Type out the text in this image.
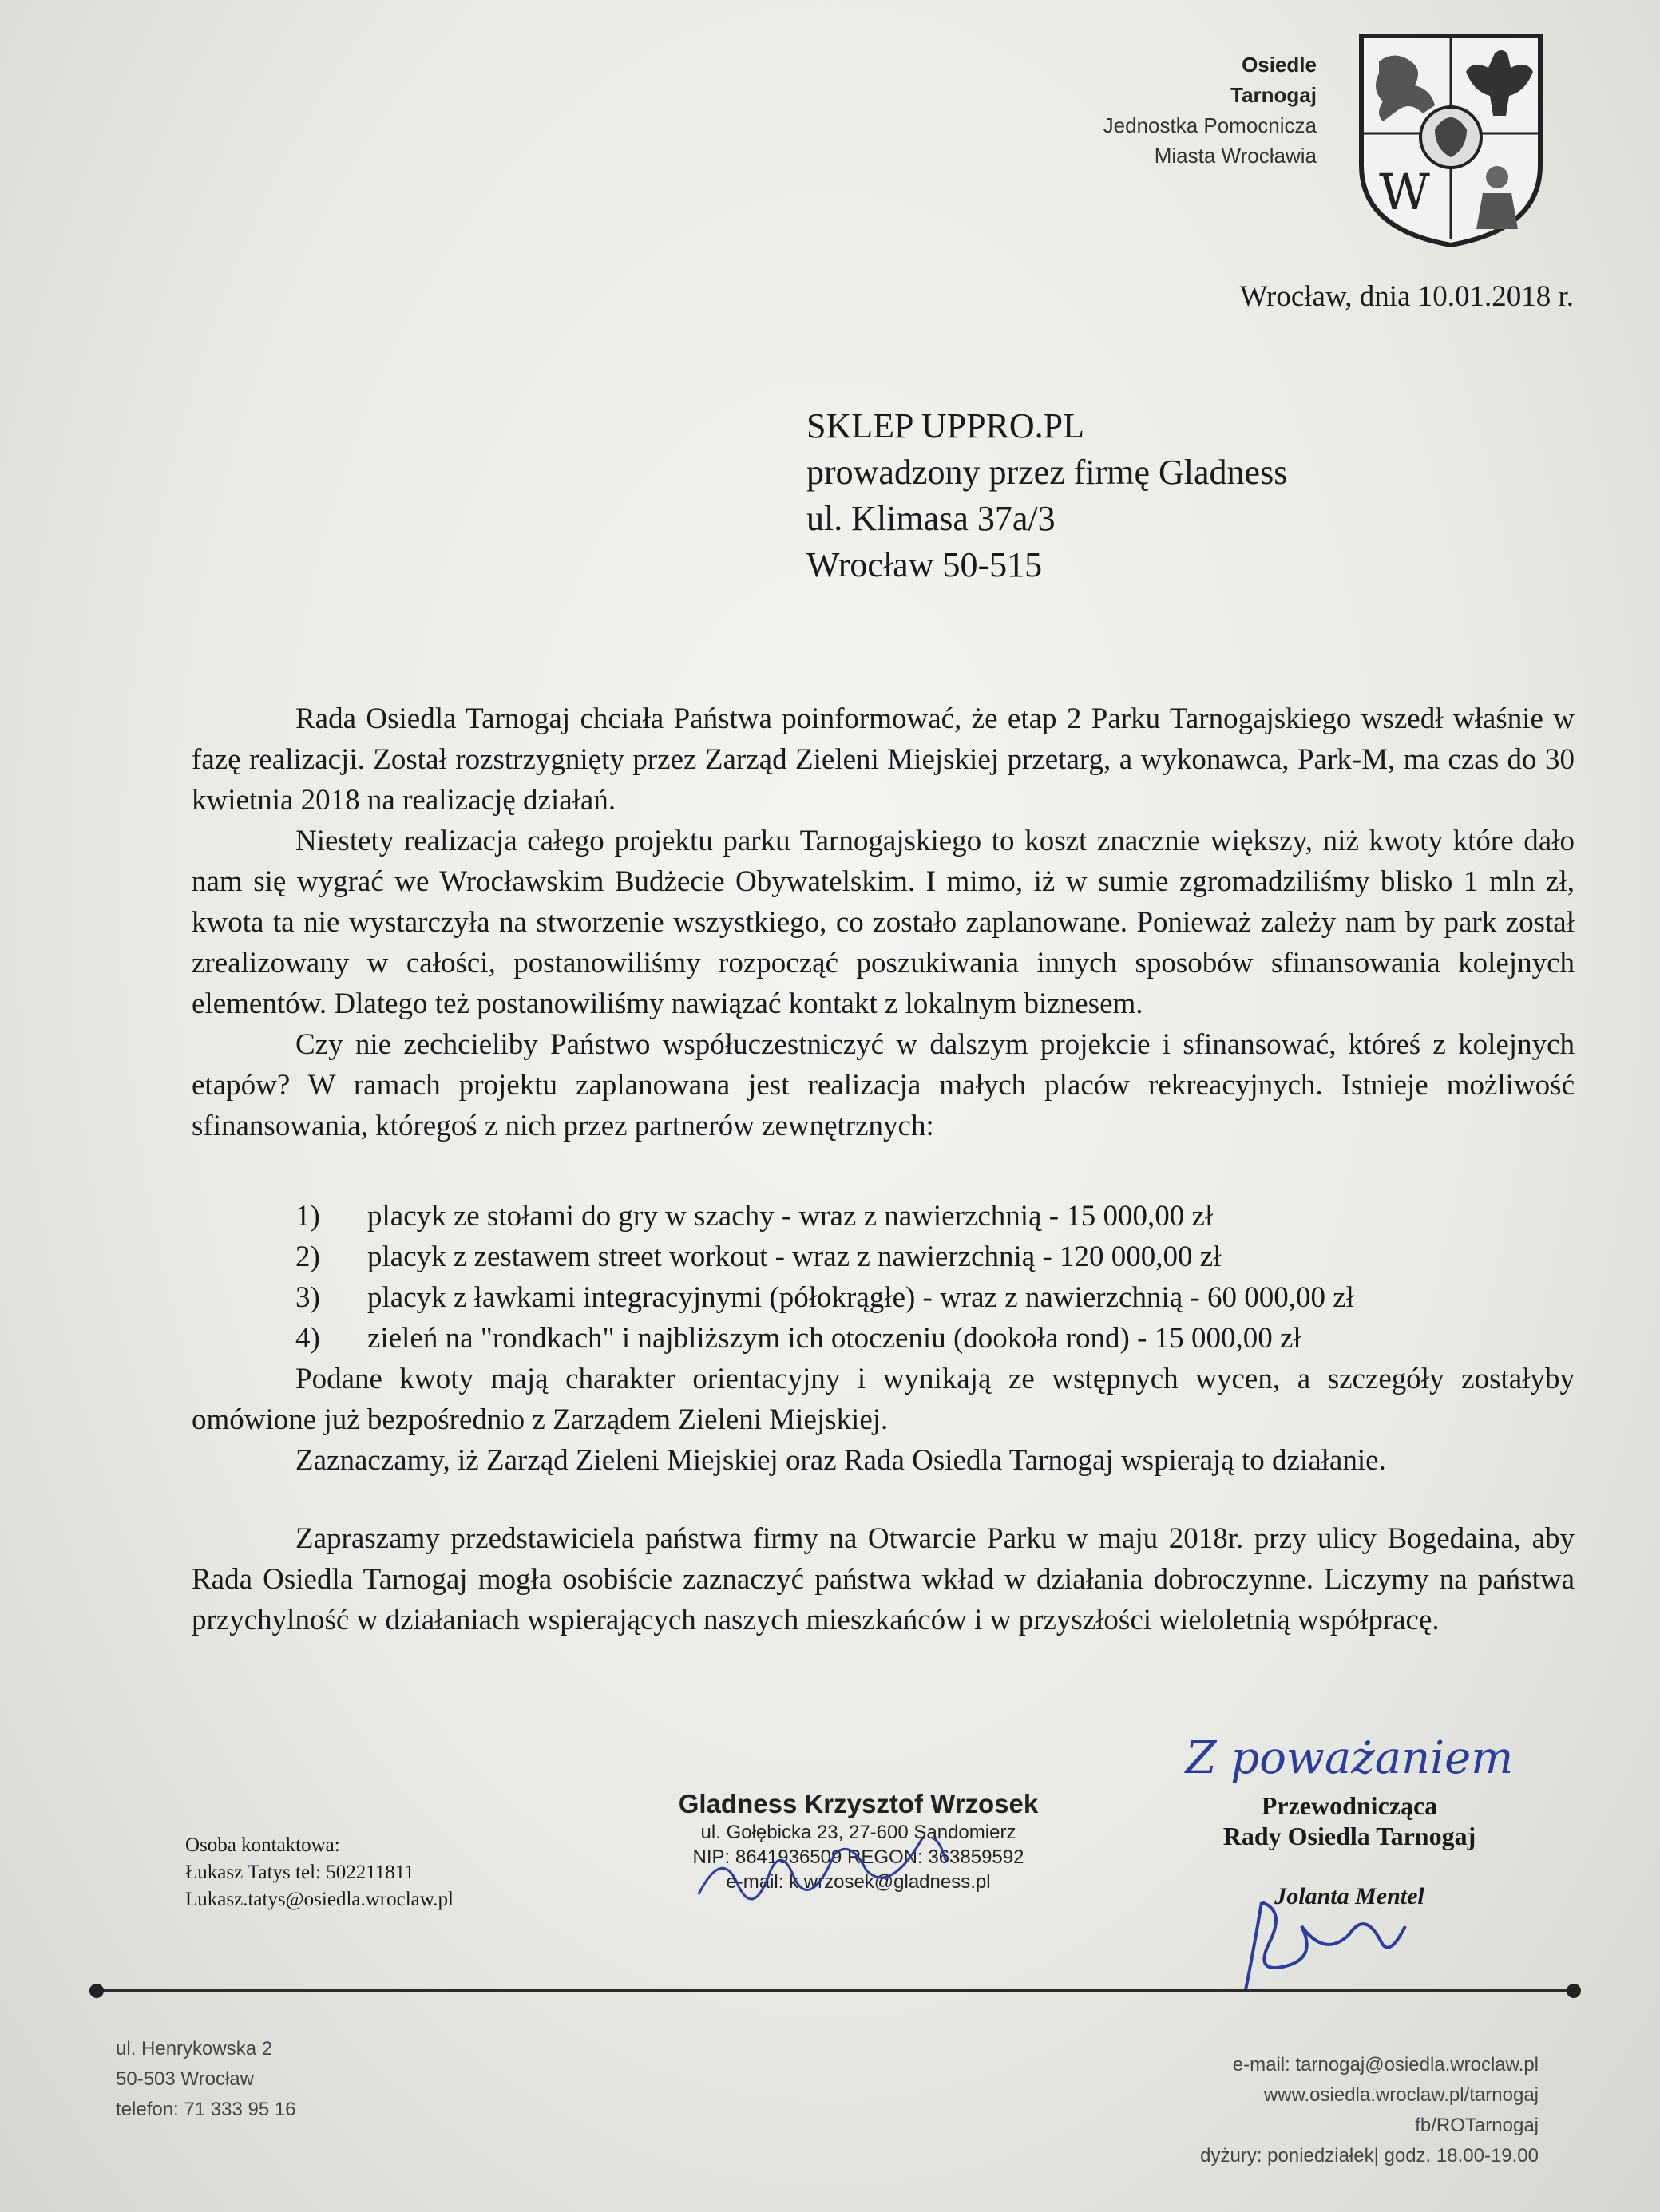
Osiedle
Tarnogaj
Jednostka Pomocnicza
Miasta Wrocławia
W
Wrocław, dnia 10.01.2018 r.
SKLEP UPPRO.PL
prowadzony przez firmę Gladness
ul. Klimasa 37a/3
Wrocław 50-515

Rada Osiedla Tarnogaj chciała Państwa poinformować, że etap 2 Parku Tarnogajskiego wszedł właśnie w fazę realizacji. Został rozstrzygnięty przez Zarząd Zieleni Miejskiej przetarg, a wykonawca, Park-M, ma czas do 30 kwietnia 2018 na realizację działań.

Niestety realizacja całego projektu parku Tarnogajskiego to koszt znacznie większy, niż kwoty które dało nam się wygrać we Wrocławskim Budżecie Obywatelskim. I mimo, iż w sumie zgromadziliśmy blisko 1 mln zł, kwota ta nie wystarczyła na stworzenie wszystkiego, co zostało zaplanowane. Ponieważ zależy nam by park został zrealizowany w całości, postanowiliśmy rozpocząć poszukiwania innych sposobów sfinansowania kolejnych elementów. Dlatego też postanowiliśmy nawiązać kontakt z lokalnym biznesem.

Czy nie zechcieliby Państwo współuczestniczyć w dalszym projekcie i sfinansować, któreś z kolejnych etapów? W ramach projektu zaplanowana jest realizacja małych placów rekreacyjnych. Istnieje możliwość sfinansowania, któregoś z nich przez partnerów zewnętrznych:

1)	placyk ze stołami do gry w szachy - wraz z nawierzchnią - 15 000,00 zł
2)	placyk z zestawem street workout - wraz z nawierzchnią - 120 000,00 zł
3)	placyk z ławkami integracyjnymi (półokrągłe) - wraz z nawierzchnią - 60 000,00 zł
4)	zieleń na "rondkach" i najbliższym ich otoczeniu (dookoła rond) - 15 000,00 zł

Podane kwoty mają charakter orientacyjny i wynikają ze wstępnych wycen, a szczegóły zostałyby omówione już bezpośrednio z Zarządem Zieleni Miejskiej.

Zaznaczamy, iż Zarząd Zieleni Miejskiej oraz Rada Osiedla Tarnogaj wspierają to działanie.

Zapraszamy przedstawiciela państwa firmy na Otwarcie Parku w maju 2018r. przy ulicy Bogedaina, aby Rada Osiedla Tarnogaj mogła osobiście zaznaczyć państwa wkład w działania dobroczynne. Liczymy na państwa przychylność w działaniach wspierających naszych mieszkańców i w przyszłości wieloletnią współpracę.

Osoba kontaktowa:
Łukasz Tatys tel: 502211811
Lukasz.tatys@osiedla.wroclaw.pl
Gladness Krzysztof Wrzosek
ul. Gołębicka 23, 27-600 Sandomierz
NIP: 8641936509 REGON: 363859592
e-mail: k.wrzosek@gladness.pl
Z poważaniem
Przewodnicząca
Rady Osiedla Tarnogaj
Jolanta Mentel
ul. Henrykowska 2
50-503 Wrocław
telefon: 71 333 95 16
e-mail: tarnogaj@osiedla.wroclaw.pl
www.osiedla.wroclaw.pl/tarnogaj
fb/ROTarnogaj
dyżury: poniedziałek| godz. 18.00-19.00
